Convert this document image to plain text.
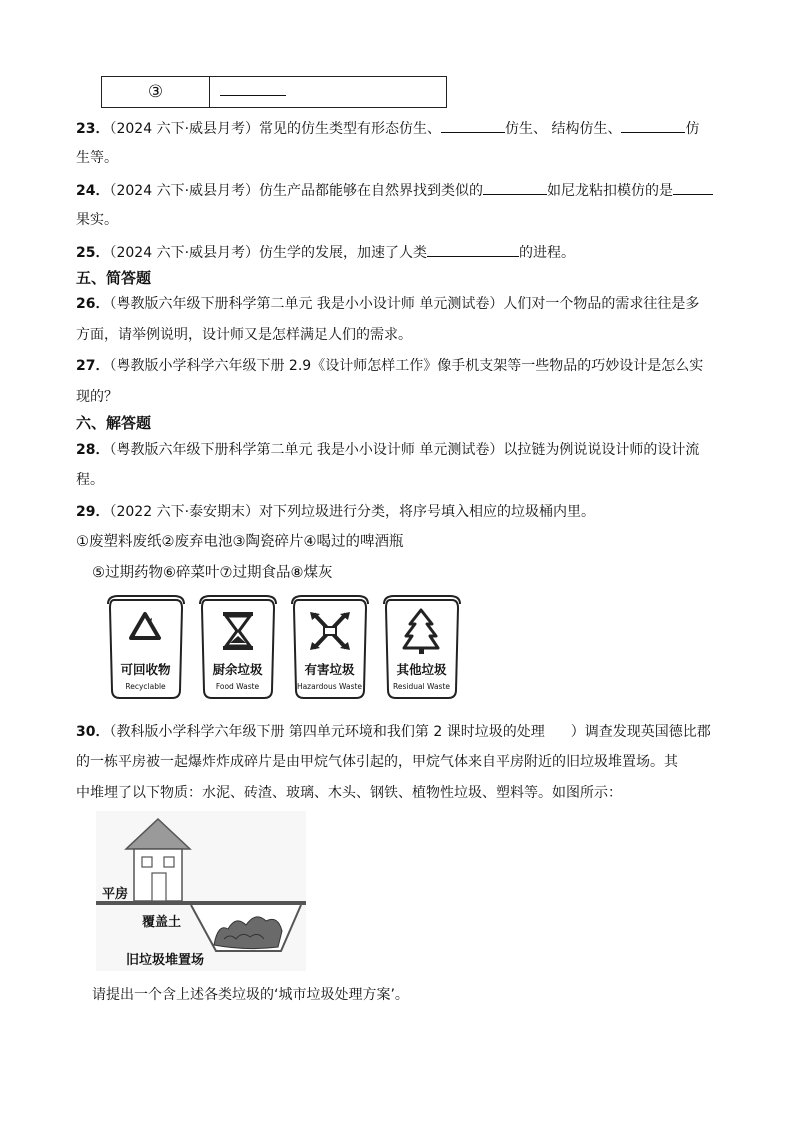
③
23．（2024 六下·威县月考）常见的仿生类型有形态仿生、	仿生、 结构仿生、	仿
生等。
24．（2024 六下·威县月考）仿生产品都能够在自然界找到类似的	如尼龙粘扣模仿的是
果实。
25．（2024 六下·威县月考）仿生学的发展，加速了人类	的进程。
五、简答题
26．（粤教版六年级下册科学第二单元 我是小小设计师 单元测试卷）人们对一个物品的需求往往是多
方面，请举例说明，设计师又是怎样满足人们的需求。
27．（粤教版小学科学六年级下册 2.9《设计师怎样工作》像手机支架等一些物品的巧妙设计是怎么实
现的？
六、解答题
28．（粤教版六年级下册科学第二单元 我是小小设计师 单元测试卷）以拉链为例说说设计师的设计流
程。
29．（2022 六下·泰安期末）对下列垃圾进行分类，将序号填入相应的垃圾桶内里。
①废塑料废纸②废弃电池③陶瓷碎片④喝过的啤酒瓶
⑤过期药物⑥碎菜叶⑦过期食品⑧煤灰
可回收物
Recyclable
厨余垃圾
Food Waste
有害垃圾
Hazardous Waste
其他垃圾
Residual Waste
30．（教科版小学科学六年级下册 第四单元环境和我们第 2 课时垃圾的处理 ）调查发现英国德比郡
的一栋平房被一起爆炸炸成碎片是由甲烷气体引起的，甲烷气体来自平房附近的旧垃圾堆置场。其
中堆埋了以下物质：水泥、砖渣、玻璃、木头、钢铁、植物性垃圾、塑料等。如图所示：
平房
覆盖土
旧垃圾堆置场
请提出一个含上述各类垃圾的‘城市垃圾处理方案’。
